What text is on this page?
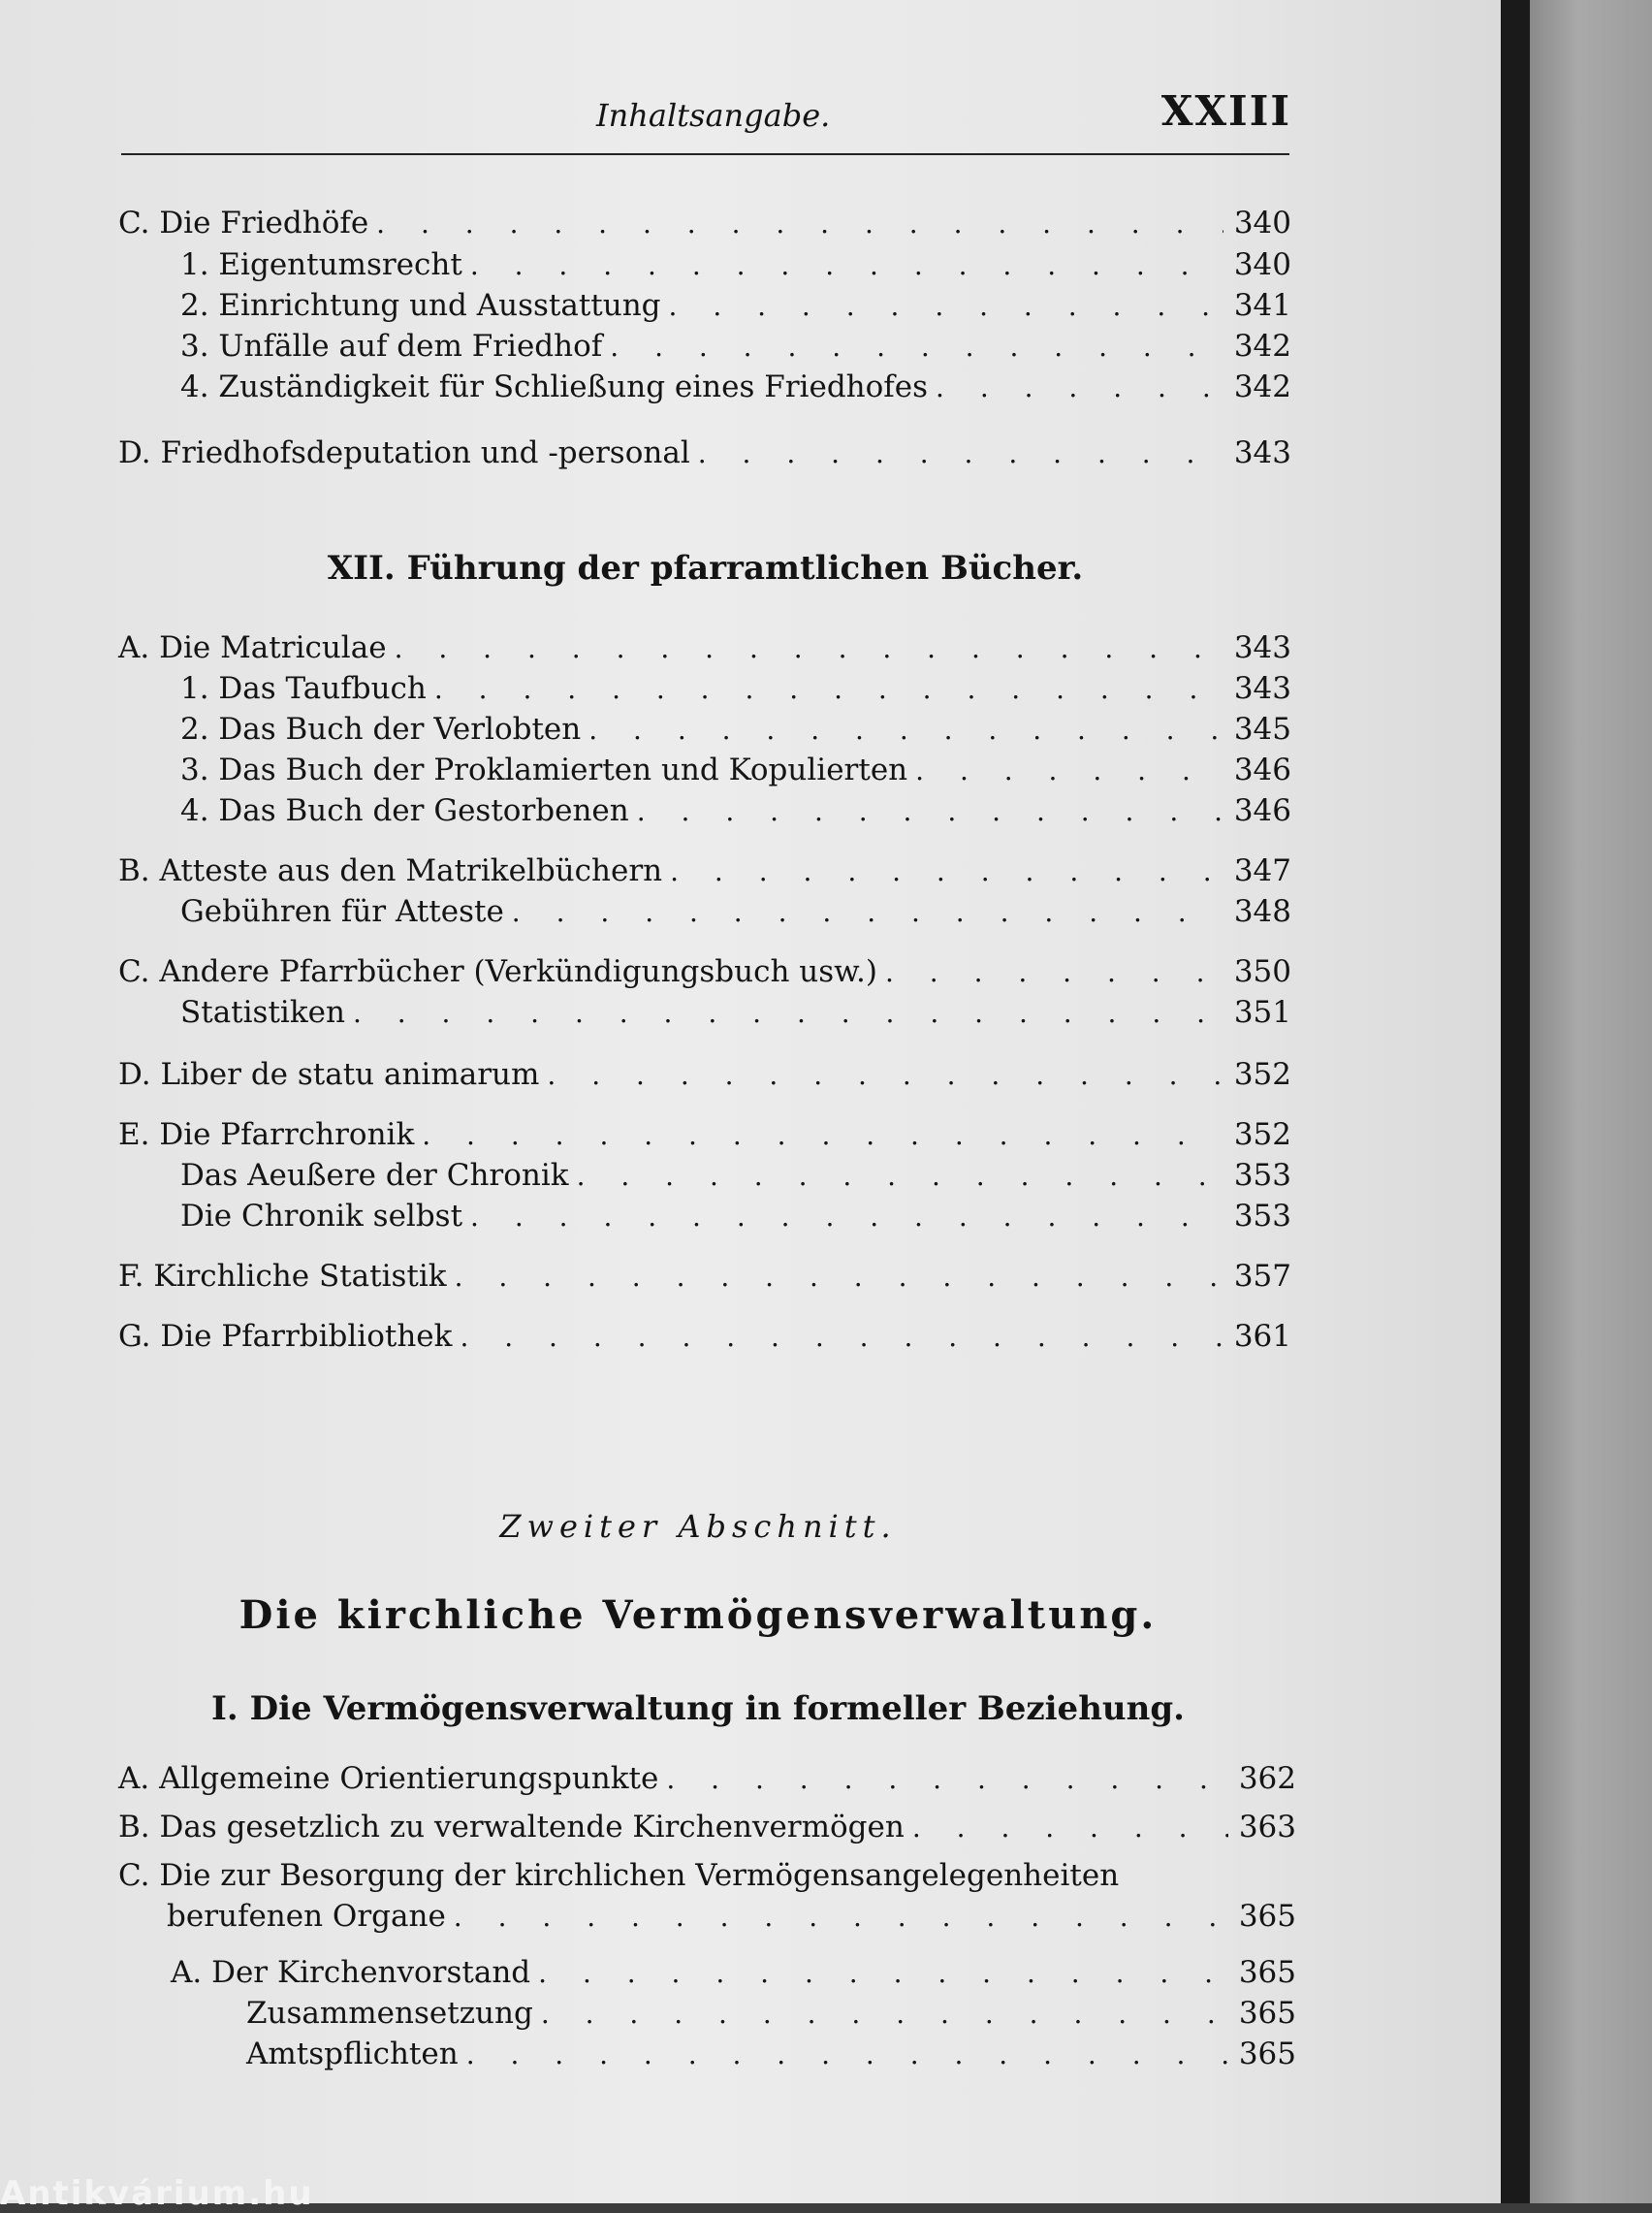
Inhaltsangabe.	XXIII
C. Die Friedhöfe . . .	340
1. Eigentumsrecht . . .	340
2. Einrichtung und Ausstattung . . .	341
3. Unfälle auf dem Friedhof . . .	342
4. Zuständigkeit für Schließung eines Friedhofes . . .	342
D. Friedhofsdeputation und -personal . . .	343
XII. Führung der pfarramtlichen Bücher.
A. Die Matriculae . . .	343
1. Das Taufbuch . . .	343
2. Das Buch der Verlobten . . .	345
3. Das Buch der Proklamierten und Kopulierten . . .	346
4. Das Buch der Gestorbenen . . .	346
B. Atteste aus den Matrikelbüchern . . .	347
Gebühren für Atteste . . .	348
C. Andere Pfarrbücher (Verkündigungsbuch usw.) . . .	350
Statistiken . . .	351
D. Liber de statu animarum . . .	352
E. Die Pfarrchronik . . .	352
Das Aeußere der Chronik . . .	353
Die Chronik selbst . . .	353
F. Kirchliche Statistik . . .	357
G. Die Pfarrbibliothek . . .	361
Zweiter Abschnitt.
Die kirchliche Vermögensverwaltung.
I. Die Vermögensverwaltung in formeller Beziehung.
A. Allgemeine Orientierungspunkte . . .	362
B. Das gesetzlich zu verwaltende Kirchenvermögen . . .	363
C. Die zur Besorgung der kirchlichen Vermögensangelegenheiten
berufenen Organe . . .	365
A. Der Kirchenvorstand . . .	365
Zusammensetzung . . .	365
Amtspflichten . . .	365
Antikvárium.hu
